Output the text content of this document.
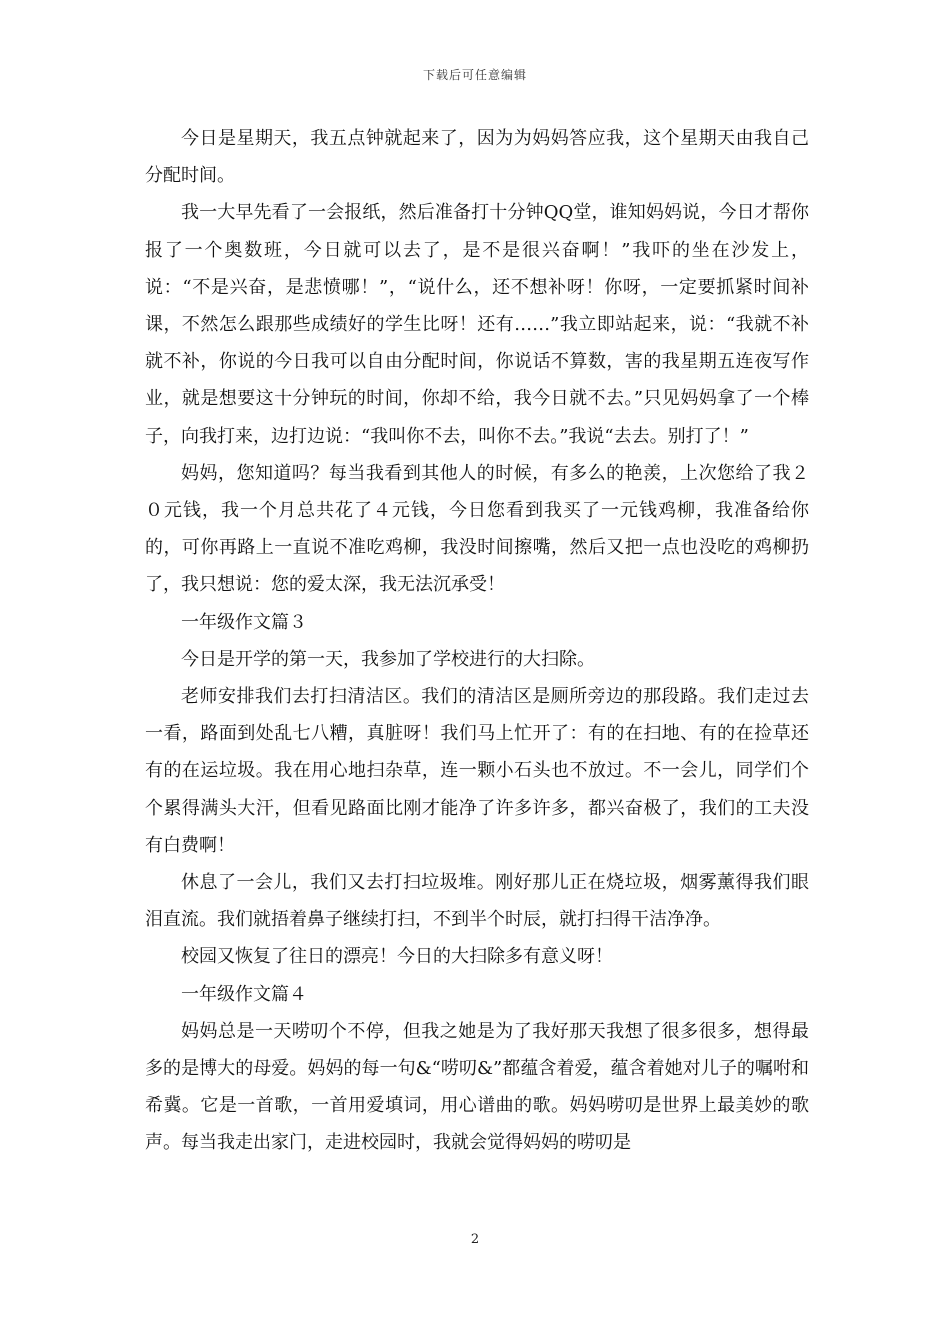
下载后可任意编辑

今日是星期天，我五点钟就起来了，因为为妈妈答应我，这个星期天由我自己分配时间。

我一大早先看了一会报纸，然后准备打十分钟QQ堂，谁知妈妈说，今日才帮你报了一个奥数班，今日就可以去了，是不是很兴奋啊！”我吓的坐在沙发上，说：“不是兴奋，是悲愤哪！”，“说什么，还不想补呀！你呀，一定要抓紧时间补课，不然怎么跟那些成绩好的学生比呀！还有……”我立即站起来，说：“我就不补就不补，你说的今日我可以自由分配时间，你说话不算数，害的我星期五连夜写作业，就是想要这十分钟玩的时间，你却不给，我今日就不去。”只见妈妈拿了一个棒子，向我打来，边打边说：“我叫你不去，叫你不去。”我说“去去。别打了！”

妈妈，您知道吗？每当我看到其他人的时候，有多么的艳羡，上次您给了我２０元钱，我一个月总共花了４元钱，今日您看到我买了一元钱鸡柳，我准备给你的，可你再路上一直说不准吃鸡柳，我没时间擦嘴，然后又把一点也没吃的鸡柳扔了，我只想说：您的爱太深，我无法沉承受！

一年级作文篇３

今日是开学的第一天，我参加了学校进行的大扫除。

老师安排我们去打扫清洁区。我们的清洁区是厕所旁边的那段路。我们走过去一看，路面到处乱七八糟，真脏呀！我们马上忙开了：有的在扫地、有的在捡草还有的在运垃圾。我在用心地扫杂草，连一颗小石头也不放过。不一会儿，同学们个个累得满头大汗，但看见路面比刚才能净了许多许多，都兴奋极了，我们的工夫没有白费啊！

休息了一会儿，我们又去打扫垃圾堆。刚好那儿正在烧垃圾，烟雾薰得我们眼泪直流。我们就捂着鼻子继续打扫，不到半个时辰，就打扫得干洁净净。

校园又恢复了往日的漂亮！今日的大扫除多有意义呀！

一年级作文篇４

妈妈总是一天唠叨个不停，但我之她是为了我好那天我想了很多很多，想得最多的是博大的母爱。妈妈的每一句&“唠叨&”都蕴含着爱，蕴含着她对儿子的嘱咐和希冀。它是一首歌，一首用爱填词，用心谱曲的歌。妈妈唠叨是世界上最美妙的歌声。每当我走出家门，走进校园时，我就会觉得妈妈的唠叨是

2
